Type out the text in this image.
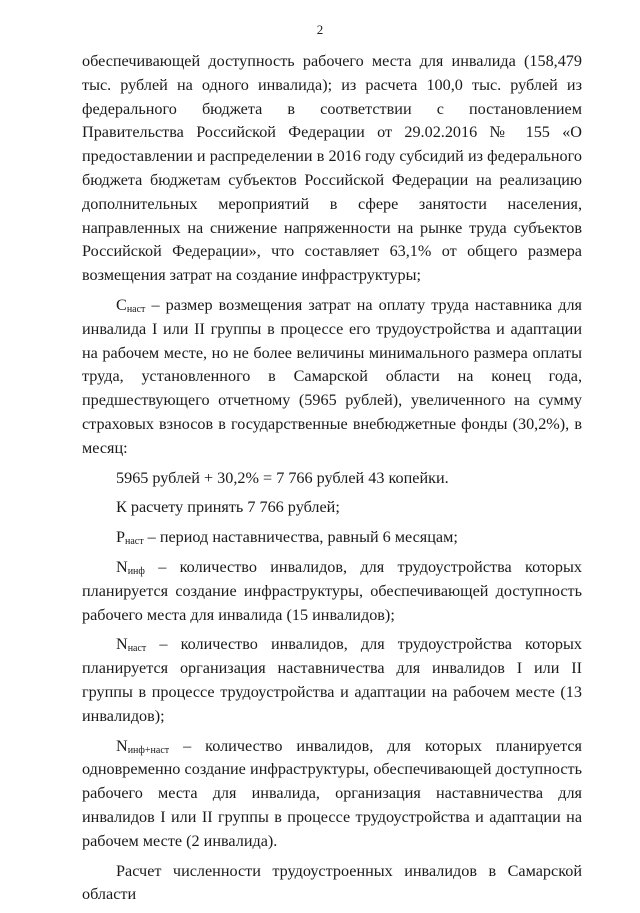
2

обеспечивающей доступность рабочего места для инвалида (158,479 тыс. рублей на одного инвалида); из расчета 100,0 тыс. рублей из федерального бюджета в соответствии с постановлением Правительства Российской Федерации от 29.02.2016 № 155 «О предоставлении и распределении в 2016 году субсидий из федерального бюджета бюджетам субъектов Российской Федерации на реализацию дополнительных мероприятий в сфере занятости населения, направленных на снижение напряженности на рынке труда субъектов Российской Федерации», что составляет 63,1% от общего размера возмещения затрат на создание инфраструктуры;

$С_{наст}$ – размер возмещения затрат на оплату труда наставника для инвалида I или II группы в процессе его трудоустройства и адаптации на рабочем месте, но не более величины минимального размера оплаты труда, установленного в Самарской области на конец года, предшествующего отчетному (5965 рублей), увеличенного на сумму страховых взносов в государственные внебюджетные фонды (30,2%), в месяц:

5965 рублей + 30,2% = 7 766 рублей 43 копейки.

К расчету принять 7 766 рублей;

$Р_{наст}$ – период наставничества, равный 6 месяцам;

$N_{инф}$ – количество инвалидов, для трудоустройства которых планируется создание инфраструктуры, обеспечивающей доступность рабочего места для инвалида (15 инвалидов);

$N_{наст}$ – количество инвалидов, для трудоустройства которых планируется организация наставничества для инвалидов I или II группы в процессе трудоустройства и адаптации на рабочем месте (13 инвалидов);

$N_{инф+наст}$ – количество инвалидов, для которых планируется одновременно создание инфраструктуры, обеспечивающей доступность рабочего места для инвалида, организация наставничества для инвалидов I или II группы в процессе трудоустройства и адаптации на рабочем месте (2 инвалида).

Расчет численности трудоустроенных инвалидов в Самарской области
